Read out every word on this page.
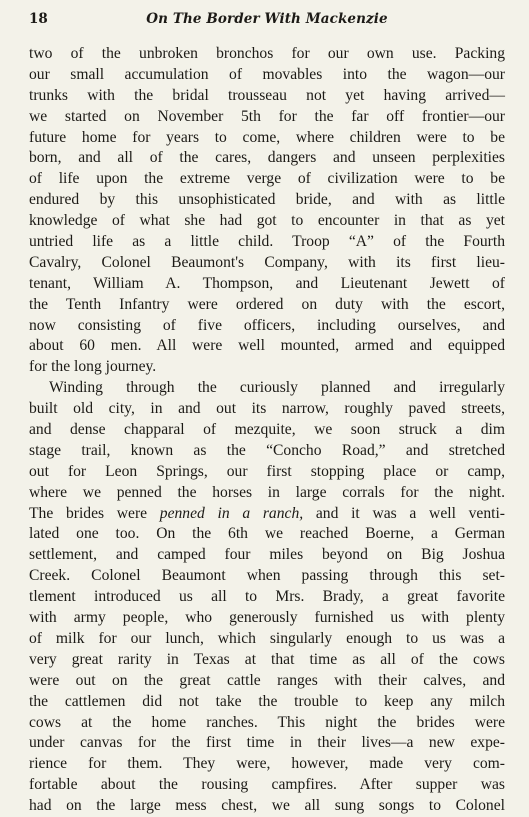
18	On The Border With Mackenzie
two of the unbroken bronchos for our own use. Packing
our small accumulation of movables into the wagon—our
trunks with the bridal trousseau not yet having arrived—
we started on November 5th for the far off frontier—our
future home for years to come, where children were to be
born, and all of the cares, dangers and unseen perplexities
of life upon the extreme verge of civilization were to be
endured by this unsophisticated bride, and with as little
knowledge of what she had got to encounter in that as yet
untried life as a little child. Troop “A” of the Fourth
Cavalry, Colonel Beaumont's Company, with its first lieu-
tenant, William A. Thompson, and Lieutenant Jewett of
the Tenth Infantry were ordered on duty with the escort,
now consisting of five officers, including ourselves, and
about 60 men. All were well mounted, armed and equipped
for the long journey.
Winding through the curiously planned and irregularly
built old city, in and out its narrow, roughly paved streets,
and dense chapparal of mezquite, we soon struck a dim
stage trail, known as the “Concho Road,” and stretched
out for Leon Springs, our first stopping place or camp,
where we penned the horses in large corrals for the night.
The brides were penned in a ranch, and it was a well venti-
lated one too. On the 6th we reached Boerne, a German
settlement, and camped four miles beyond on Big Joshua
Creek. Colonel Beaumont when passing through this set-
tlement introduced us all to Mrs. Brady, a great favorite
with army people, who generously furnished us with plenty
of milk for our lunch, which singularly enough to us was a
very great rarity in Texas at that time as all of the cows
were out on the great cattle ranges with their calves, and
the cattlemen did not take the trouble to keep any milch
cows at the home ranches. This night the brides were
under canvas for the first time in their lives—a new expe-
rience for them. They were, however, made very com-
fortable about the rousing campfires. After supper was
had on the large mess chest, we all sung songs to Colonel
